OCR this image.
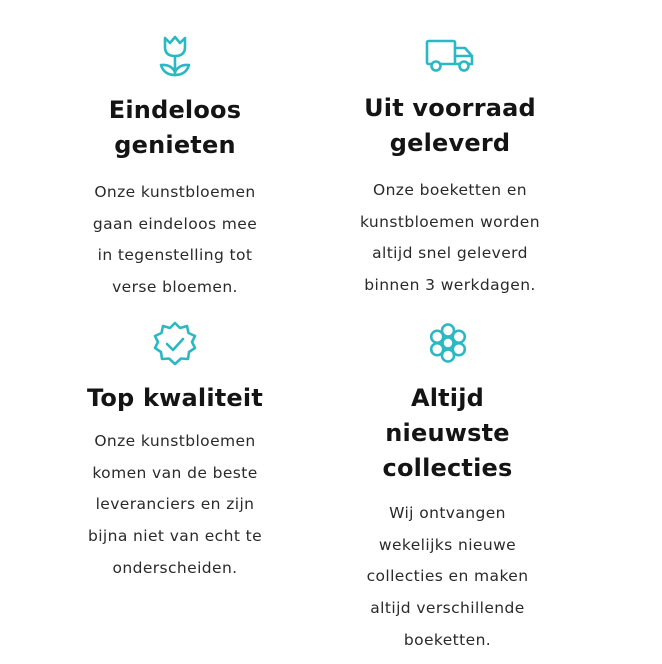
Eindeloos
genieten

Onze kunstbloemen
gaan eindeloos mee
in tegenstelling tot
verse bloemen.

Uit voorraad
geleverd

Onze boeketten en
kunstbloemen worden
altijd snel geleverd
binnen 3 werkdagen.

Top kwaliteit

Onze kunstbloemen
komen van de beste
leveranciers en zijn
bijna niet van echt te
onderscheiden.

Altijd
nieuwste
collecties

Wij ontvangen
wekelijks nieuwe
collecties en maken
altijd verschillende
boeketten.
